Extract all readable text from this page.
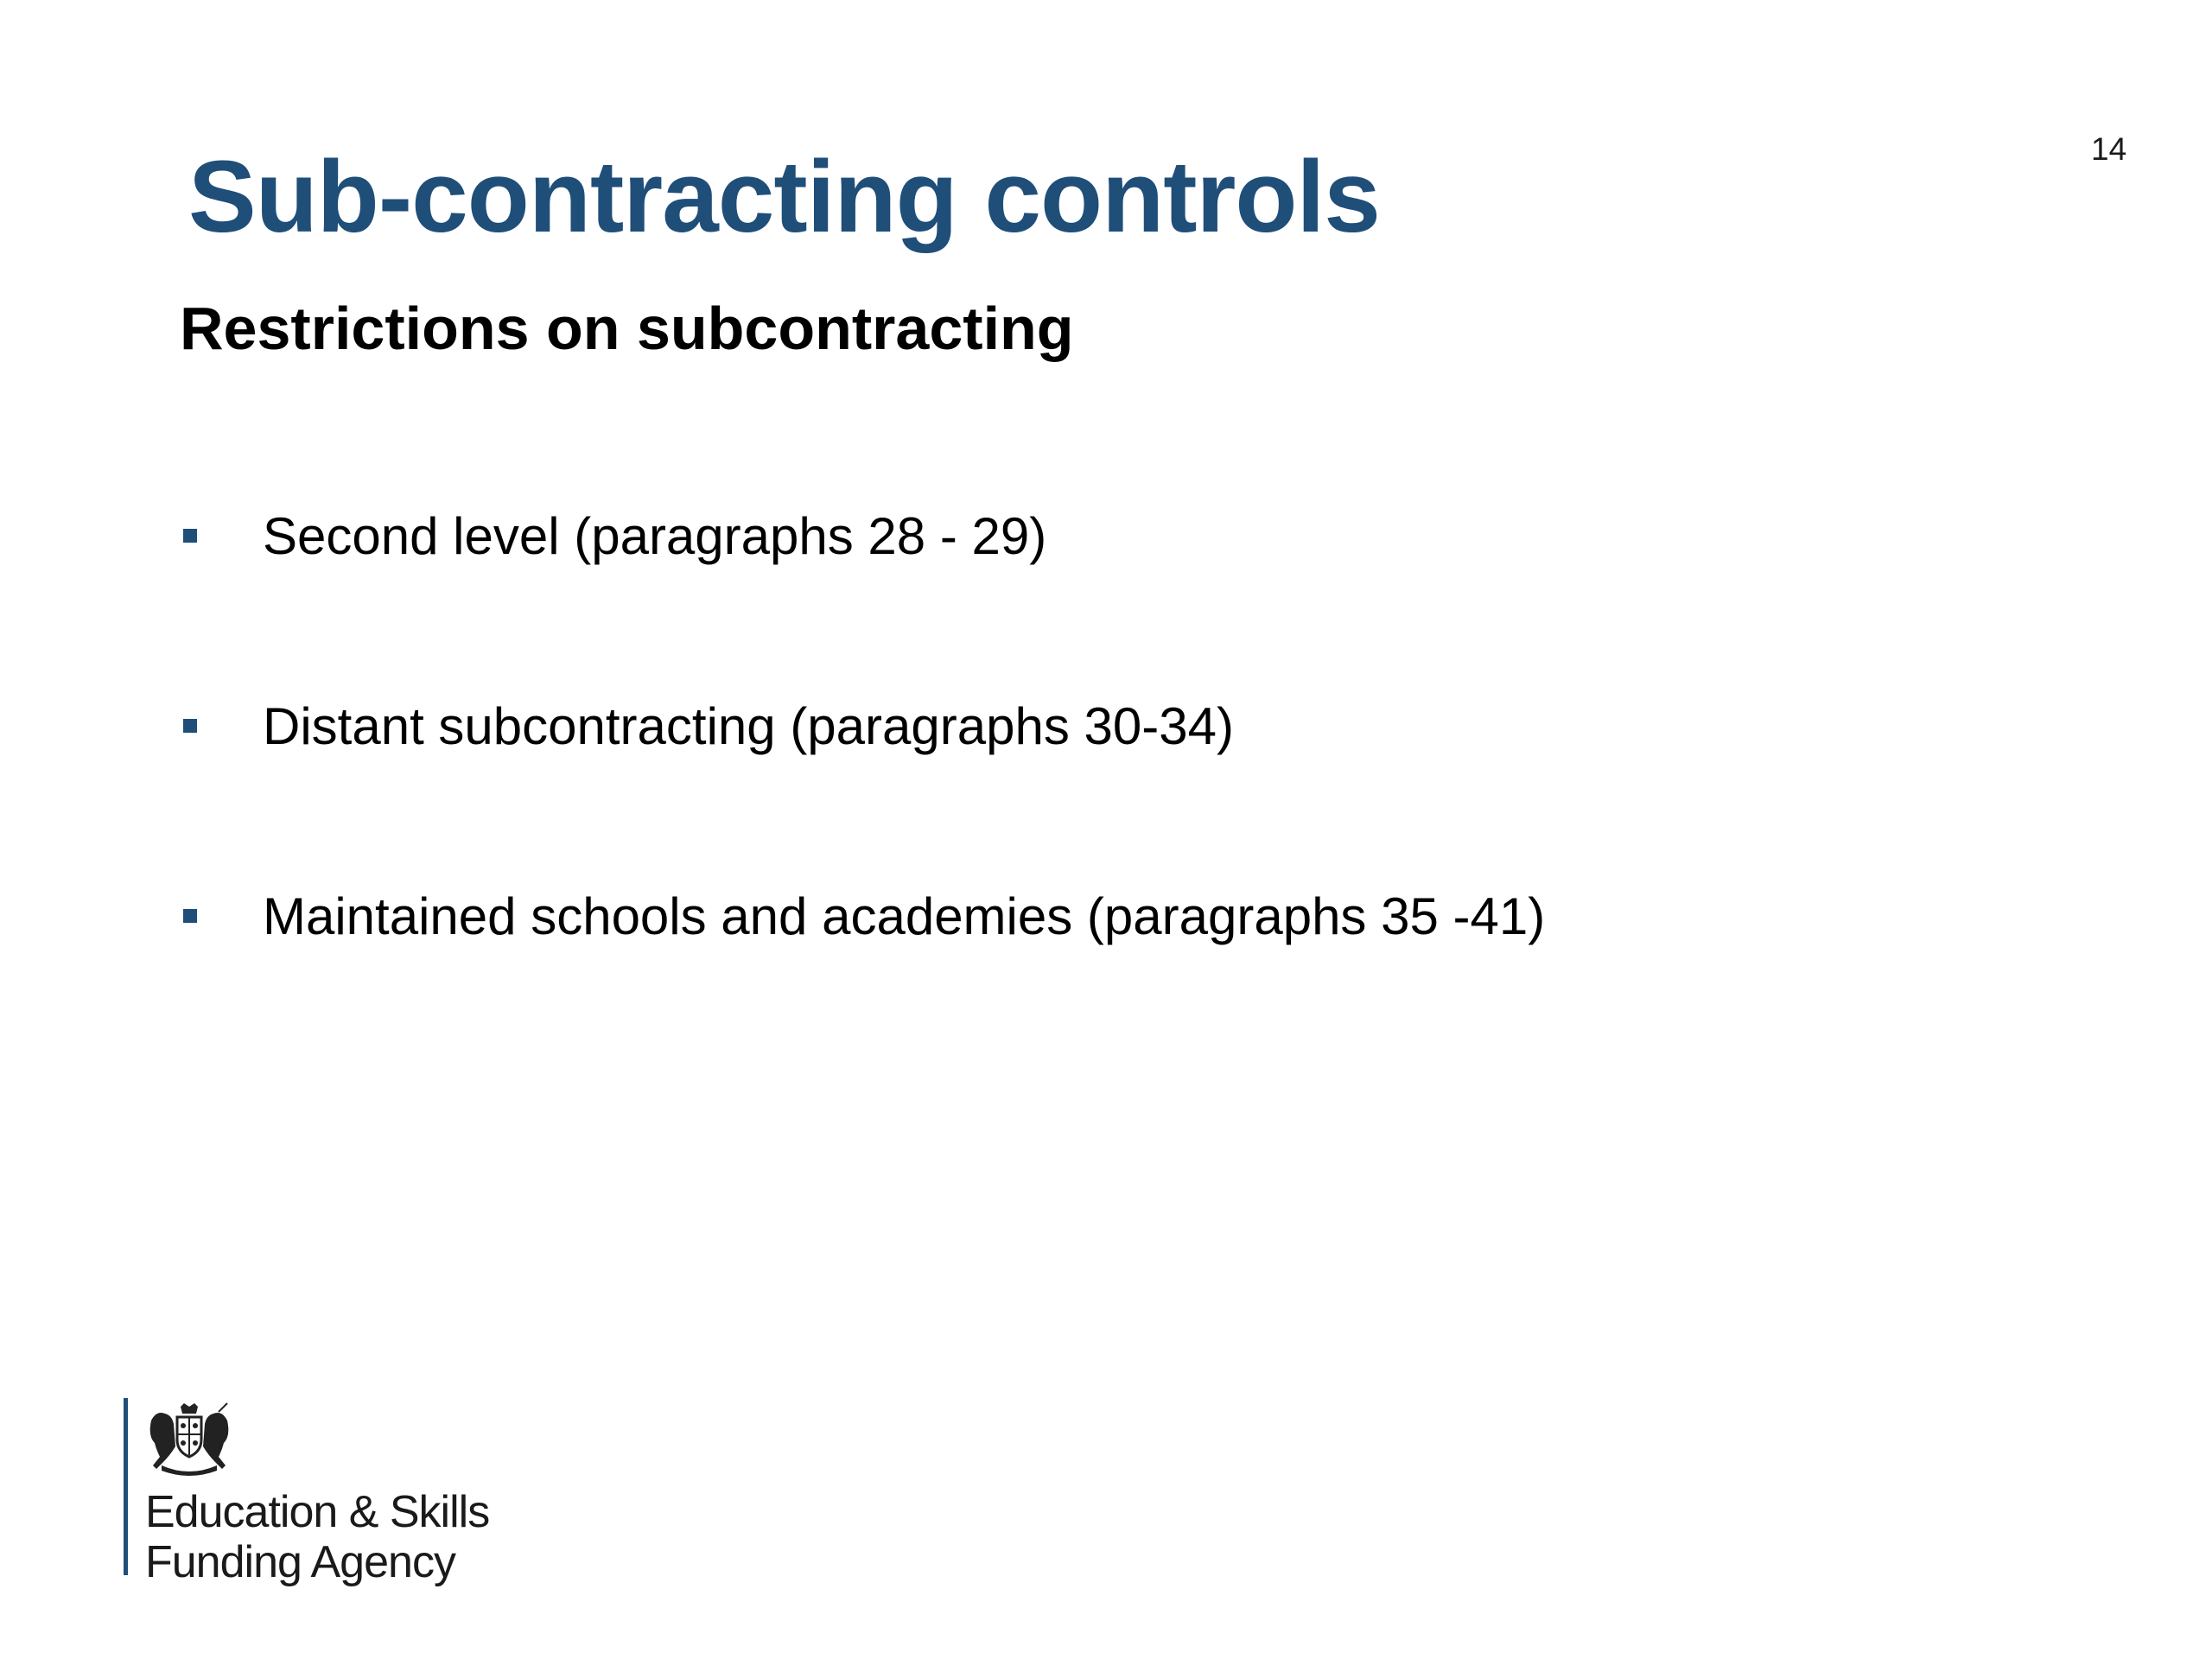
14
Sub-contracting controls
Restrictions on subcontracting
Second level (paragraphs 28 - 29)
Distant subcontracting (paragraphs 30-34)
Maintained schools and academies (paragraphs 35 -41)
Education & Skills
Funding Agency
